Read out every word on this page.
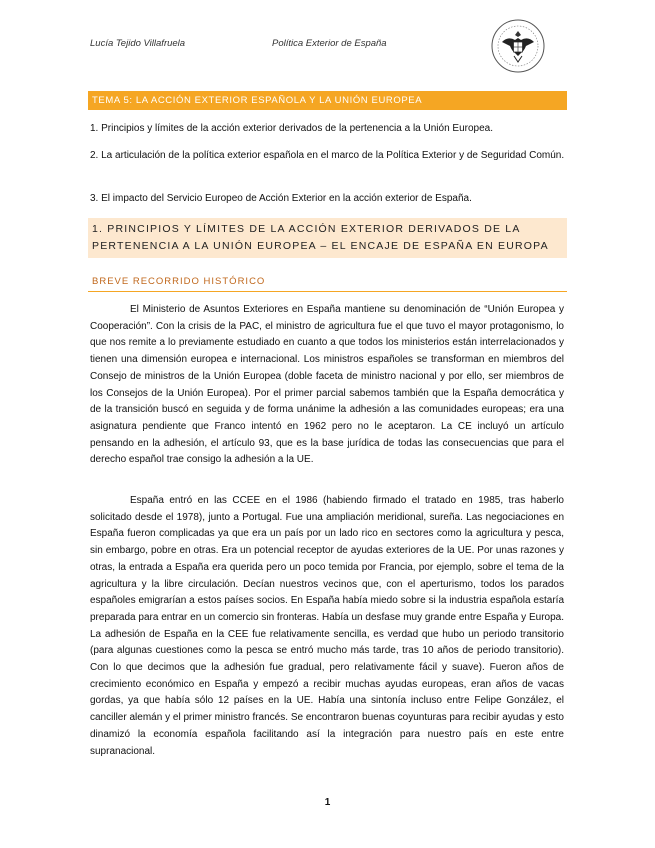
Lucía Tejido Villafruela	Política Exterior de España
TEMA 5: LA ACCIÓN EXTERIOR ESPAÑOLA Y LA UNIÓN EUROPEA
1. Principios y límites de la acción exterior derivados de la pertenencia a la Unión Europea.
2. La articulación de la política exterior española en el marco de la Política Exterior y de Seguridad Común.
3. El impacto del Servicio Europeo de Acción Exterior en la acción exterior de España.
1. PRINCIPIOS Y LÍMITES DE LA ACCIÓN EXTERIOR DERIVADOS DE LA PERTENENCIA A LA UNIÓN EUROPEA – EL ENCAJE DE ESPAÑA EN EUROPA
BREVE RECORRIDO HISTÓRICO

El Ministerio de Asuntos Exteriores en España mantiene su denominación de “Unión Europea y Cooperación”. Con la crisis de la PAC, el ministro de agricultura fue el que tuvo el mayor protagonismo, lo que nos remite a lo previamente estudiado en cuanto a que todos los ministerios están interrelacionados y tienen una dimensión europea e internacional. Los ministros españoles se transforman en miembros del Consejo de ministros de la Unión Europea (doble faceta de ministro nacional y por ello, ser miembros de los Consejos de la Unión Europea). Por el primer parcial sabemos también que la España democrática y de la transición buscó en seguida y de forma unánime la adhesión a las comunidades europeas; era una asignatura pendiente que Franco intentó en 1962 pero no le aceptaron. La CE incluyó un artículo pensando en la adhesión, el artículo 93, que es la base jurídica de todas las consecuencias que para el derecho español trae consigo la adhesión a la UE.

España entró en las CCEE en el 1986 (habiendo firmado el tratado en 1985, tras haberlo solicitado desde el 1978), junto a Portugal. Fue una ampliación meridional, sureña. Las negociaciones en España fueron complicadas ya que era un país por un lado rico en sectores como la agricultura y pesca, sin embargo, pobre en otras. Era un potencial receptor de ayudas exteriores de la UE. Por unas razones y otras, la entrada a España era querida pero un poco temida por Francia, por ejemplo, sobre el tema de la agricultura y la libre circulación. Decían nuestros vecinos que, con el aperturismo, todos los parados españoles emigrarían a estos países socios. En España había miedo sobre si la industria española estaría preparada para entrar en un comercio sin fronteras. Había un desfase muy grande entre España y Europa. La adhesión de España en la CEE fue relativamente sencilla, es verdad que hubo un periodo transitorio (para algunas cuestiones como la pesca se entró mucho más tarde, tras 10 años de periodo transitorio). Con lo que decimos que la adhesión fue gradual, pero relativamente fácil y suave). Fueron años de crecimiento económico en España y empezó a recibir muchas ayudas europeas, eran años de vacas gordas, ya que había sólo 12 países en la UE. Había una sintonía incluso entre Felipe González, el canciller alemán y el primer ministro francés. Se encontraron buenas coyunturas para recibir ayudas y esto dinamizó la economía española facilitando así la integración para nuestro país en este entre supranacional.

1
